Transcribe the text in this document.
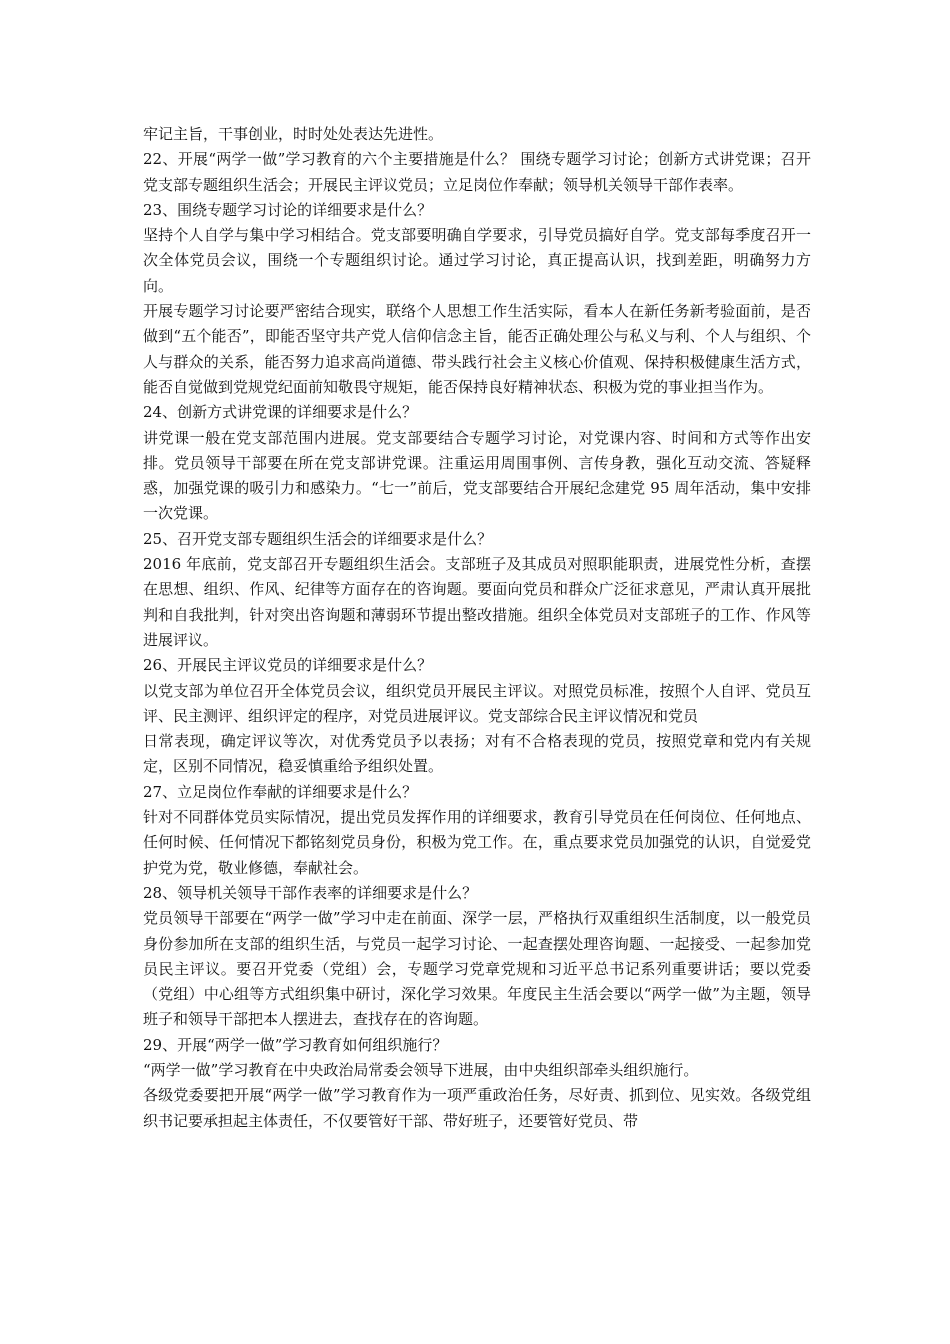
牢记主旨，干事创业，时时处处表达先进性。

22、开展“两学一做”学习教育的六个主要措施是什么？ 围绕专题学习讨论；创新方式讲党课；召开党支部专题组织生活会；开展民主评议党员；立足岗位作奉献；领导机关领导干部作表率。

23、围绕专题学习讨论的详细要求是什么？

坚持个人自学与集中学习相结合。党支部要明确自学要求，引导党员搞好自学。党支部每季度召开一次全体党员会议，围绕一个专题组织讨论。通过学习讨论，真正提高认识，找到差距，明确努力方向。

开展专题学习讨论要严密结合现实，联络个人思想工作生活实际，看本人在新任务新考验面前，是否做到“五个能否”，即能否坚守共产党人信仰信念主旨，能否正确处理公与私义与利、个人与组织、个人与群众的关系，能否努力追求高尚道德、带头践行社会主义核心价值观、保持积极健康生活方式，能否自觉做到党规党纪面前知敬畏守规矩，能否保持良好精神状态、积极为党的事业担当作为。

24、创新方式讲党课的详细要求是什么？

讲党课一般在党支部范围内进展。党支部要结合专题学习讨论，对党课内容、时间和方式等作出安排。党员领导干部要在所在党支部讲党课。注重运用周围事例、言传身教，强化互动交流、答疑释惑，加强党课的吸引力和感染力。“七一”前后，党支部要结合开展纪念建党 95 周年活动，集中安排一次党课。

25、召开党支部专题组织生活会的详细要求是什么？

2016 年底前，党支部召开专题组织生活会。支部班子及其成员对照职能职责，进展党性分析，查摆在思想、组织、作风、纪律等方面存在的咨询题。要面向党员和群众广泛征求意见，严肃认真开展批判和自我批判，针对突出咨询题和薄弱环节提出整改措施。组织全体党员对支部班子的工作、作风等进展评议。

26、开展民主评议党员的详细要求是什么？

以党支部为单位召开全体党员会议，组织党员开展民主评议。对照党员标准，按照个人自评、党员互评、民主测评、组织评定的程序，对党员进展评议。党支部综合民主评议情况和党员

日常表现，确定评议等次，对优秀党员予以表扬；对有不合格表现的党员，按照党章和党内有关规定，区别不同情况，稳妥慎重给予组织处置。

27、立足岗位作奉献的详细要求是什么？

针对不同群体党员实际情况，提出党员发挥作用的详细要求，教育引导党员在任何岗位、任何地点、任何时候、任何情况下都铭刻党员身份，积极为党工作。在，重点要求党员加强党的认识，自觉爱党护党为党，敬业修德，奉献社会。

28、领导机关领导干部作表率的详细要求是什么？

党员领导干部要在“两学一做”学习中走在前面、深学一层，严格执行双重组织生活制度，以一般党员身份参加所在支部的组织生活，与党员一起学习讨论、一起查摆处理咨询题、一起接受、一起参加党员民主评议。要召开党委（党组）会，专题学习党章党规和习近平总书记系列重要讲话；要以党委（党组）中心组等方式组织集中研讨，深化学习效果。年度民主生活会要以“两学一做”为主题，领导班子和领导干部把本人摆进去，查找存在的咨询题。

29、开展“两学一做”学习教育如何组织施行？

“两学一做”学习教育在中央政治局常委会领导下进展，由中央组织部牵头组织施行。

各级党委要把开展“两学一做”学习教育作为一项严重政治任务，尽好责、抓到位、见实效。各级党组织书记要承担起主体责任，不仅要管好干部、带好班子，还要管好党员、带
